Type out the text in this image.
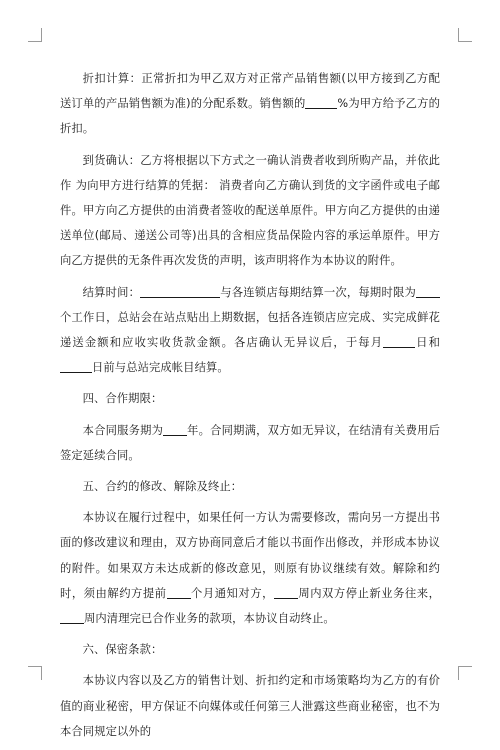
折扣计算：正常折扣为甲乙双方对正常产品销售额(以甲方接到乙方配送订单的产品销售额为准)的分配系数。销售额的	%为甲方给予乙方的折扣。

到货确认：乙方将根据以下方式之一确认消费者收到所购产品，并依此作 为向甲方进行结算的凭据： 消费者向乙方确认到货的文字函件或电子邮件。甲方向乙方提供的由消费者签收的配送单原件。甲方向乙方提供的由递送单位(邮局、递送公司等)出具的含相应货品保险内容的承运单原件。甲方向乙方提供的无条件再次发货的声明，该声明将作为本协议的附件。

结算时间：	与各连锁店每期结算一次，每期时限为个工作日，总站会在站点贴出上期数据，包括各连锁店应完成、实完成鲜花递送金额和应收实收货款金额。各店确认无异议后，于每月	日和日前与总站完成帐目结算。

四、合作期限：

本合同服务期为 年。合同期满，双方如无异议，在结清有关费用后签定延续合同。

五、合约的修改、解除及终止：

本协议在履行过程中，如果任何一方认为需要修改，需向另一方提出书面的修改建议和理由，双方协商同意后才能以书面作出修改，并形成本协议的附件。如果双方未达成新的修改意见，则原有协议继续有效。解除和约时，须由解约方提前 个月通知对方， 周内双方停止新业务往来，周内清理完已合作业务的款项，本协议自动终止。

六、保密条款：

本协议内容以及乙方的销售计划、折扣约定和市场策略均为乙方的有价值的商业秘密，甲方保证不向媒体或任何第三人泄露这些商业秘密，也不为本合同规定以外的
